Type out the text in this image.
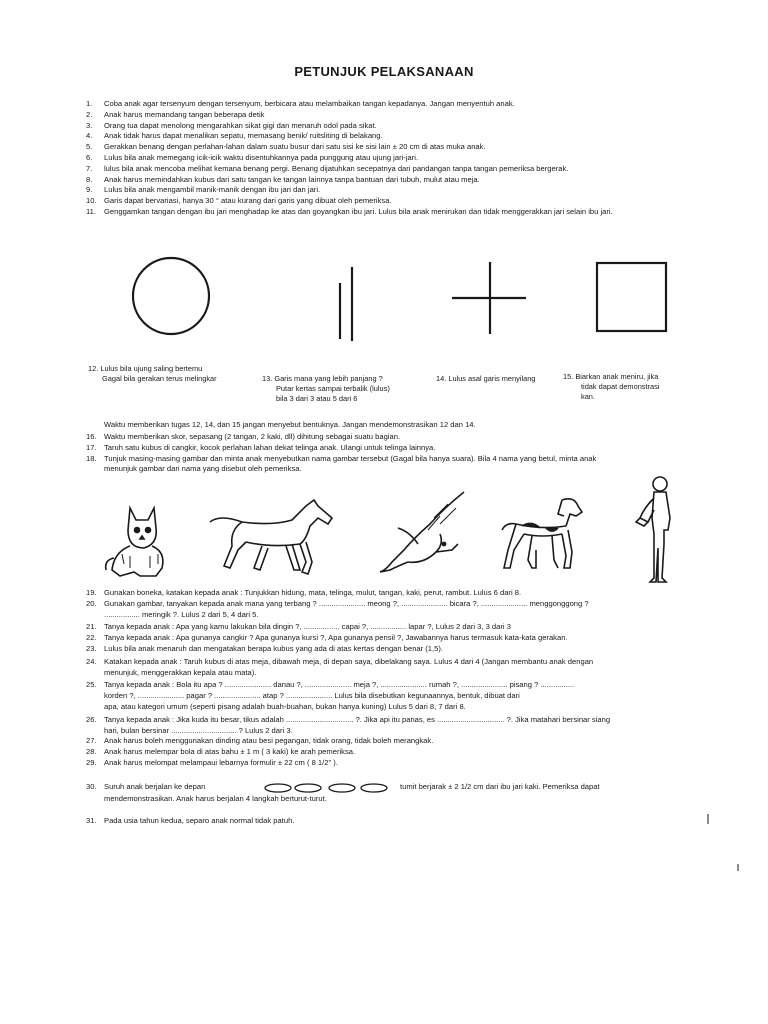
PETUNJUK PELAKSANAAN
1.	Coba anak agar tersenyum dengan tersenyum, berbicara atau melambaikan tangan kepadanya. Jangan menyentuh anak.
2.	Anak harus memandang tangan beberapa detik
3.	Orang tua dapat menolong mengarahkan sikat gigi dan menaruh odol pada sikat.
4.	Anak tidak harus dapat menalikan sepatu, memasang benik/ ruitsliting di belakang.
5.	Gerakkan benang dengan perlahan-lahan dalam suatu busur dari satu sisi ke sisi lain ± 20 cm di atas muka anak.
6.	Lulus bila anak memegang icik-icik waktu disentuhkannya pada punggung atau ujung jari-jari.
7.	lulus bila anak mencoba melihat kemana benang pergi. Benang dijatuhkan secepatnya dari pandangan tanpa tangan pemeriksa bergerak.
8.	Anak harus memindahkan kubus dari satu tangan ke tangan lainnya tanpa bantuan dari tubuh, mulut atau meja.
9.	Lulus bila anak mengambil manik-manik dengan ibu jari dan jari.
10. Garis dapat bervariasi, hanya 30 ° atau kurang dari garis yang dibuat oleh pemeriksa.
11.	Genggamkan tangan dengan ibu jari menghadap ke atas dan goyangkan ibu jari. Lulus bila anak menirukan dan tidak menggerakkan jari selain ibu jari.
12. Lulus bila ujung saling bertemu
Gagal bila gerakan terus melingkar	13. Garis mana yang lebih panjang ?
Putar kertas sampai terbalik (lulus)
bila 3 dari 3 atau 5 dari 6
14. Lulus asal garis menyilang	15. Biarkan anak meniru, jika
tidak dapat demonstrasi
kan.
Waktu memberikan tugas 12, 14, dan 15 jangan menyebut bentuknya. Jangan mendemonstrasikan 12 dan 14.
16. Waktu memberikan skor, sepasang (2 tangan, 2 kaki, dll) dihitung sebagai suatu bagian.
17. Taruh satu kubus di cangkir, kocok perlahan lahan dekat telinga anak. Ulangi untuk telinga lainnya.
18. Tunjuk masing-masing gambar dan minta anak menyebutkan nama gambar tersebut (Gagal bila hanya suara). Bila 4 nama yang betul, minta anak
menunjuk gambar dari nama yang disebut oleh pemeriksa.
19. Gunakan boneka, katakan kepada anak : Tunjukkan hidung, mata, telinga, mulut, tangan, kaki, perut, rambut. Lulus 6 dari 8.
20. Gunakan gambar, tanyakan kepada anak mana yang terbang ? ...................... meong ?, ...................... bicara ?, ...................... menggonggong ?
................. meringik ?. Lulus 2 dari 5, 4 dari 5.
21. Tanya kepada anak : Apa yang kamu lakukan bila dingin ?, ................. capai ?, ................. lapar ?, Lulus 2 dari 3, 3 dari 3
22. Tanya kepada anak : Apa gunanya cangkir ? Apa gunanya kursi ?, Apa gunanya pensil ?, Jawabannya harus termasuk kata-kata gerakan.
23. Lulus bila anak menaruh dan mengatakan berapa kubus yang ada di atas kertas dengan benar (1,5).
24. Katakan kepada anak : Taruh kubus di atas meja, dibawah meja, di depan saya, dibelakang saya. Lulus 4 dari 4 (Jangan membantu anak dengan
menunjuk, menggerakkan kepala atau mata).
25. Tanya kepada anak : Bola itu apa ? ...................... danau ?, ...................... meja ?, ...................... rumah ?, ...................... pisang ? ................
korden ?, ...................... pagar ? ...................... atap ? ...................... Lulus bila disebutkan kegunaannya, bentuk, dibuat dari
apa, atau kategori umum (seperti pisang adalah buah-buahan, bukan hanya kuning) Lulus 5 dari 8, 7 dari 8.
26. Tanya kepada anak : Jika kuda itu besar, tikus adalah ................................ ?. Jika api itu panas, es ................................ ?. Jika matahari bersinar siang
hari, bulan bersinar ............................... ? Lulus 2 dari 3.
27. Anak harus boleh menggunakan dinding atau besi pegangan, tidak orang, tidak boleh merangkak.
28. Anak harus melempar bola di atas bahu ± 1 m ( 3 kaki) ke arah pemeriksa.
29. Anak harus melompat melampaui lebarnya formulir ± 22 cm ( 8 1/2" ).
30. Suruh anak berjalan ke depan	tumit berjarak ± 2 1/2 cm dari ibu jari kaki. Pemeriksa dapat
mendemonstrasikan. Anak harus berjalan 4 langkah berturut-turut.
31. Pada usia tahun kedua, separo anak normal tidak patuh.
